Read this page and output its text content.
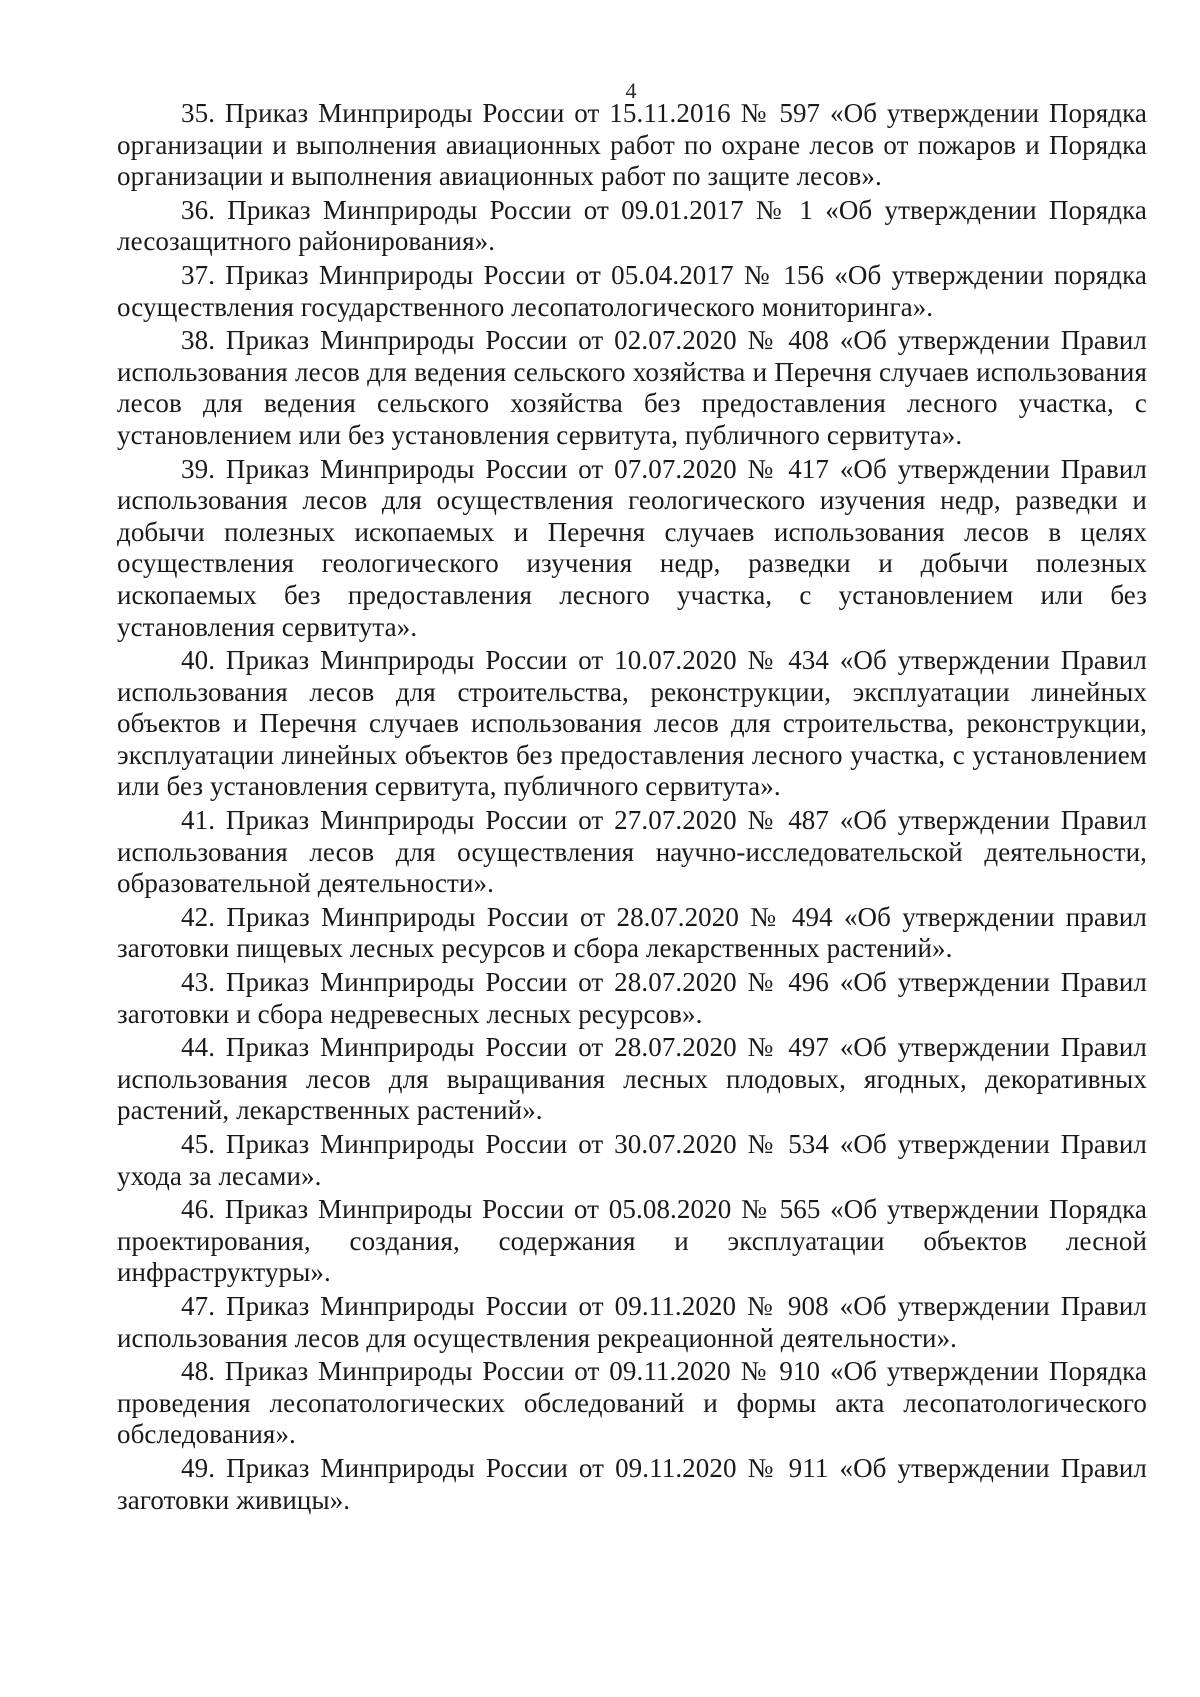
4

35. Приказ Минприроды России от 15.11.2016 № 597 «Об утверждении Порядка организации и выполнения авиационных работ по охране лесов от пожаров и Порядка организации и выполнения авиационных работ по защите лесов».

36. Приказ Минприроды России от 09.01.2017 № 1 «Об утверждении Порядка лесозащитного районирования».

37. Приказ Минприроды России от 05.04.2017 № 156 «Об утверждении порядка осуществления государственного лесопатологического мониторинга».

38. Приказ Минприроды России от 02.07.2020 № 408 «Об утверждении Правил использования лесов для ведения сельского хозяйства и Перечня случаев использования лесов для ведения сельского хозяйства без предоставления лесного участка, с установлением или без установления сервитута, публичного сервитута».

39. Приказ Минприроды России от 07.07.2020 № 417 «Об утверждении Правил использования лесов для осуществления геологического изучения недр, разведки и добычи полезных ископаемых и Перечня случаев использования лесов в целях осуществления геологического изучения недр, разведки и добычи полезных ископаемых без предоставления лесного участка, с установлением или без установления сервитута».

40. Приказ Минприроды России от 10.07.2020 № 434 «Об утверждении Правил использования лесов для строительства, реконструкции, эксплуатации линейных объектов и Перечня случаев использования лесов для строительства, реконструкции, эксплуатации линейных объектов без предоставления лесного участка, с установлением или без установления сервитута, публичного сервитута».

41. Приказ Минприроды России от 27.07.2020 № 487 «Об утверждении Правил использования лесов для осуществления научно-исследовательской деятельности, образовательной деятельности».

42. Приказ Минприроды России от 28.07.2020 № 494 «Об утверждении правил заготовки пищевых лесных ресурсов и сбора лекарственных растений».

43. Приказ Минприроды России от 28.07.2020 № 496 «Об утверждении Правил заготовки и сбора недревесных лесных ресурсов».

44. Приказ Минприроды России от 28.07.2020 № 497 «Об утверждении Правил использования лесов для выращивания лесных плодовых, ягодных, декоративных растений, лекарственных растений».

45. Приказ Минприроды России от 30.07.2020 № 534 «Об утверждении Правил ухода за лесами».

46. Приказ Минприроды России от 05.08.2020 № 565 «Об утверждении Порядка проектирования, создания, содержания и эксплуатации объектов лесной инфраструктуры».

47. Приказ Минприроды России от 09.11.2020 № 908 «Об утверждении Правил использования лесов для осуществления рекреационной деятельности».

48. Приказ Минприроды России от 09.11.2020 № 910 «Об утверждении Порядка проведения лесопатологических обследований и формы акта лесопатологического обследования».

49. Приказ Минприроды России от 09.11.2020 № 911 «Об утверждении Правил заготовки живицы».
